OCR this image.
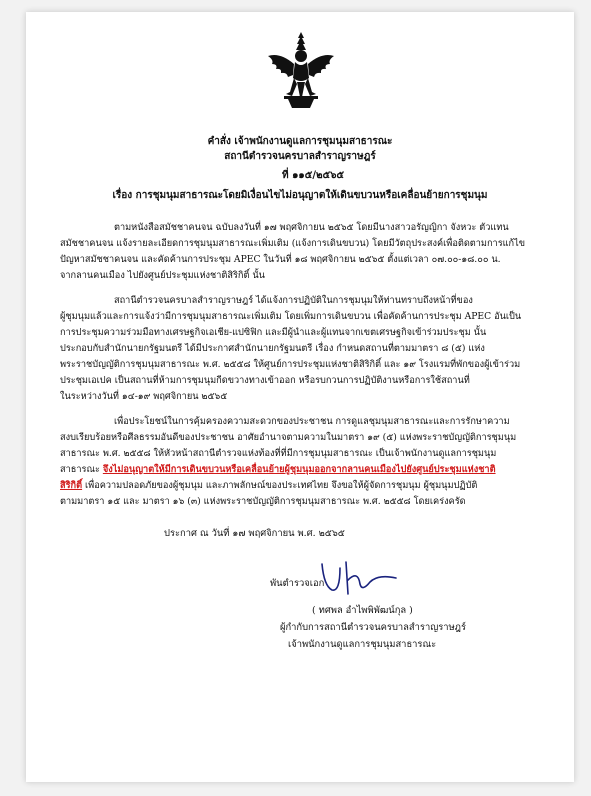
คำสั่ง เจ้าพนักงานดูแลการชุมนุมสาธารณะ

สถานีตำรวจนครบาลสำราญราษฎร์

ที่ ๑๑๕/๒๕๖๕

เรื่อง การชุมนุมสาธารณะโดยมิเงื่อนไขไม่อนุญาตให้เดินขบวนหรือเคลื่อนย้ายการชุมนุม

ตามหนังสือสมัชชาคนจน ฉบับลงวันที่ ๑๗ พฤศจิกายน ๒๕๖๕ โดยมีนางสาวอรัญญิกา จังหวะ ตัวแทน

สมัชชาคนจน แจ้งรายละเอียดการชุมนุมสาธารณะเพิ่มเติม (แจ้งการเดินขบวน) โดยมีวัตถุประสงค์เพื่อติดตามการแก้ไข

ปัญหาสมัชชาคนจน และคัดค้านการประชุม APEC ในวันที่ ๑๘ พฤศจิกายน ๒๕๖๕ ตั้งแต่เวลา ๐๗.๐๐-๑๘.๐๐ น.

จากลานคนเมือง ไปยังศูนย์ประชุมแห่งชาติสิริกิติ์ นั้น

สถานีตำรวจนครบาลสำราญราษฎร์ ได้แจ้งการปฏิบัติในการชุมนุมให้ท่านทราบถึงหน้าที่ของ

ผู้ชุมนุมแล้วและการแจ้งว่ามีการชุมนุมสาธารณะเพิ่มเติม โดยเพิ่มการเดินขบวน เพื่อคัดค้านการประชุม APEC อันเป็น

การประชุมความร่วมมือทางเศรษฐกิจเอเชีย-แปซิฟิก และมีผู้นำและผู้แทนจากเขตเศรษฐกิจเข้าร่วมประชุม นั้น

ประกอบกับสำนักนายกรัฐมนตรี ได้มีประกาศสำนักนายกรัฐมนตรี เรื่อง กำหนดสถานที่ตามมาตรา ๘ (๕) แห่ง

พระราชบัญญัติการชุมนุมสาธารณะ พ.ศ. ๒๕๕๘ ให้ศูนย์การประชุมแห่งชาติสิริกิติ์ และ ๑๙ โรงแรมที่พักของผู้เข้าร่วม

ประชุมเอเปค เป็นสถานที่ห้ามการชุมนุมกีดขวางทางเข้าออก หรือรบกวนการปฏิบัติงานหรือการใช้สถานที่

ในระหว่างวันที่ ๑๔-๑๙ พฤศจิกายน ๒๕๖๕

เพื่อประโยชน์ในการคุ้มครองความสะดวกของประชาชน การดูแลชุมนุมสาธารณะและการรักษาความ

สงบเรียบร้อยหรือศีลธรรมอันดีของประชาชน อาศัยอำนาจตามความในมาตรา ๑๙ (๕) แห่งพระราชบัญญัติการชุมนุม

สาธารณะ พ.ศ. ๒๕๕๘ ให้หัวหน้าสถานีตำรวจแห่งท้องที่ที่มีการชุมนุมสาธารณะ เป็นเจ้าพนักงานดูแลการชุมนุม

สาธารณะ จึงไม่อนุญาตให้มีการเดินขบวนหรือเคลื่อนย้ายผู้ชุมนุมออกจากลานคนเมืองไปยังศูนย์ประชุมแห่งชาติ

สิริกิติ์ เพื่อความปลอดภัยของผู้ชุมนุม และภาพลักษณ์ของประเทศไทย จึงขอให้ผู้จัดการชุมนุม ผู้ชุมนุมปฏิบัติ

ตามมาตรา ๑๕ และ มาตรา ๑๖ (๓) แห่งพระราชบัญญัติการชุมนุมสาธารณะ พ.ศ. ๒๕๕๘ โดยเคร่งครัด

ประกาศ ณ วันที่ ๑๗ พฤศจิกายน พ.ศ. ๒๕๖๕

พันตำรวจเอก

( ทศพล อำไพพิพัฒน์กุล )

ผู้กำกับการสถานีตำรวจนครบาลสำราญราษฎร์

เจ้าพนักงานดูแลการชุมนุมสาธารณะ
